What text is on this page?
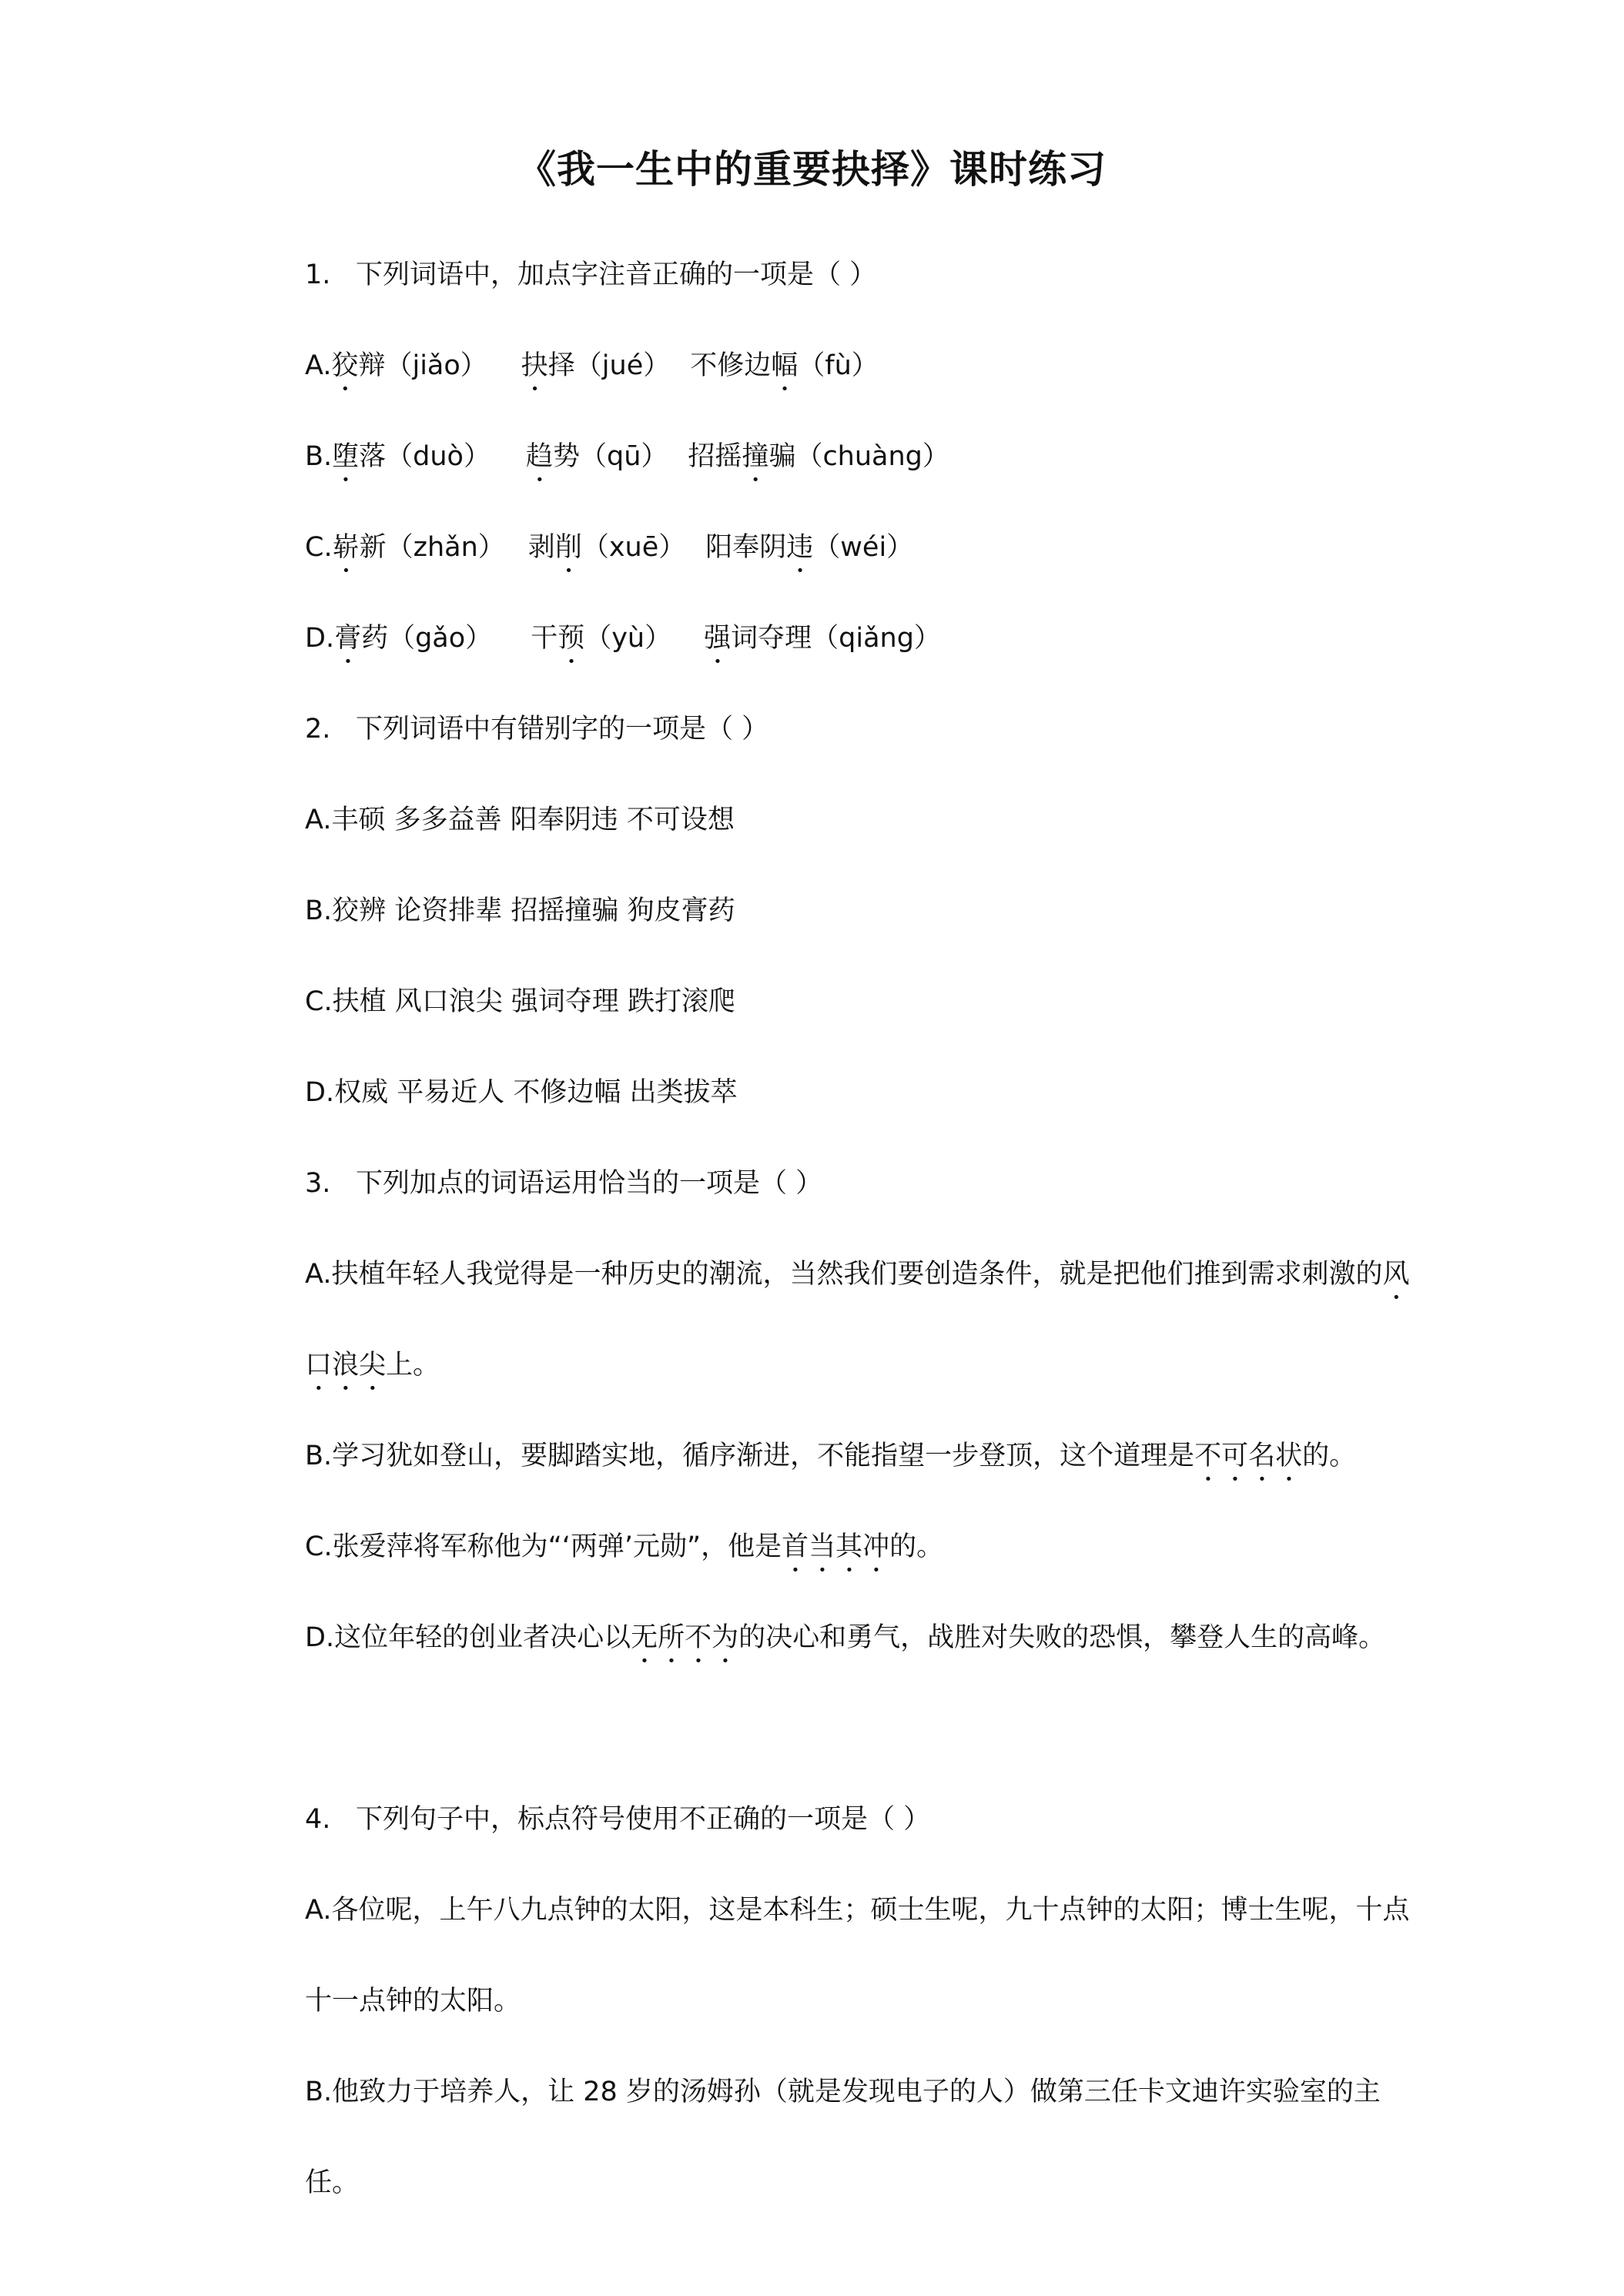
《我一生中的重要抉择》课时练习

1. 下列词语中，加点字注音正确的一项是（ ）

A.狡辩（jiǎo） 抉择（jué） 不修边幅（fù）

B.堕落（duò） 趋势（qū） 招摇撞骗（chuàng）

C.崭新（zhǎn） 剥削（xuē） 阳奉阴违（wéi）

D.膏药（gǎo） 干预（yù） 强词夺理（qiǎng）

2. 下列词语中有错别字的一项是（ ）

A.丰硕 多多益善 阳奉阴违 不可设想

B.狡辨 论资排辈 招摇撞骗 狗皮膏药

C.扶植 风口浪尖 强词夺理 跌打滚爬

D.权威 平易近人 不修边幅 出类拔萃

3. 下列加点的词语运用恰当的一项是（ ）

A.扶植年轻人我觉得是一种历史的潮流，当然我们要创造条件，就是把他们推到需求刺激的风口浪尖上。

B.学习犹如登山，要脚踏实地，循序渐进，不能指望一步登顶，这个道理是不可名状的。

C.张爱萍将军称他为“‘两弹’元勋”，他是首当其冲的。

D.这位年轻的创业者决心以无所不为的决心和勇气，战胜对失败的恐惧，攀登人生的高峰。

4. 下列句子中，标点符号使用不正确的一项是（ ）

A.各位呢，上午八九点钟的太阳，这是本科生；硕士生呢，九十点钟的太阳；博士生呢，十点十一点钟的太阳。

B.他致力于培养人，让 28 岁的汤姆孙（就是发现电子的人）做第三任卡文迪许实验室的主任。
